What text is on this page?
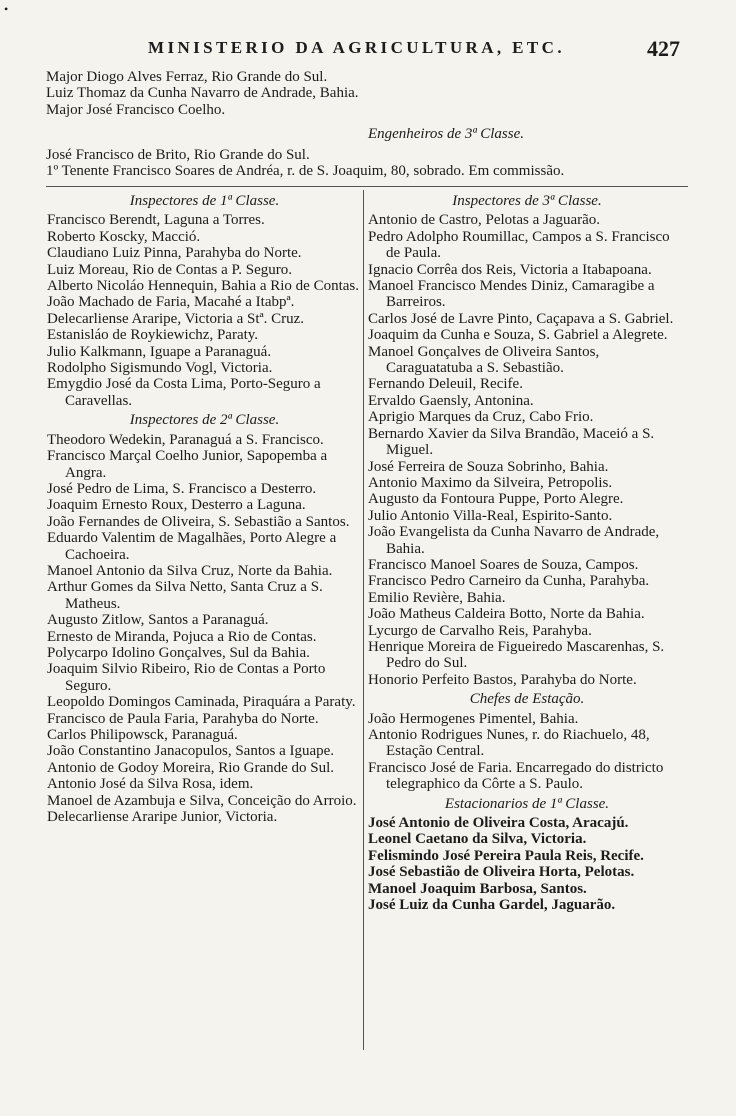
•
MINISTERIO DA AGRICULTURA, ETC.	427
Major Diogo Alves Ferraz, Rio Grande do Sul.
Luiz Thomaz da Cunha Navarro de Andrade, Bahia.
Major José Francisco Coelho.
Engenheiros de 3ª Classe.
José Francisco de Brito, Rio Grande do Sul.
1º Tenente Francisco Soares de Andréa, r. de S. Joaquim, 80, sobrado. Em commissão.
Inspectores de 1ª Classe.
Francisco Berendt, Laguna a Torres.
Roberto Koscky, Macció.
Claudiano Luiz Pinna, Parahyba do Norte.
Luiz Moreau, Rio de Contas a P. Seguro.
Alberto Nicoláo Hennequin, Bahia a Rio de Contas.
João Machado de Faria, Macahé a Itabpª.
Delecarliense Araripe, Victoria a Stª. Cruz.
Estanisláo de Roykiewichz, Paraty.
Julio Kalkmann, Iguape a Paranaguá.
Rodolpho Sigismundo Vogl, Victoria.
Emygdio José da Costa Lima, Porto-Seguro a Caravellas.
Inspectores de 2ª Classe.
Theodoro Wedekin, Paranaguá a S. Francisco.
Francisco Marçal Coelho Junior, Sapopemba a Angra.
José Pedro de Lima, S. Francisco a Desterro.
Joaquim Ernesto Roux, Desterro a Laguna.
João Fernandes de Oliveira, S. Sebastião a Santos.
Eduardo Valentim de Magalhães, Porto Alegre a Cachoeira.
Manoel Antonio da Silva Cruz, Norte da Bahia.
Arthur Gomes da Silva Netto, Santa Cruz a S. Matheus.
Augusto Zitlow, Santos a Paranaguá.
Ernesto de Miranda, Pojuca a Rio de Contas.
Polycarpo Idolino Gonçalves, Sul da Bahia.
Joaquim Silvio Ribeiro, Rio de Contas a Porto Seguro.
Leopoldo Domingos Caminada, Piraquára a Paraty.
Francisco de Paula Faria, Parahyba do Norte.
Carlos Philipowsck, Paranaguá.
João Constantino Janacopulos, Santos a Iguape.
Antonio de Godoy Moreira, Rio Grande do Sul.
Antonio José da Silva Rosa, idem.
Manoel de Azambuja e Silva, Conceição do Arroio.
Delecarliense Araripe Junior, Victoria.
Inspectores de 3ª Classe.
Antonio de Castro, Pelotas a Jaguarão.
Pedro Adolpho Roumillac, Campos a S. Francisco de Paula.
Ignacio Corrêa dos Reis, Victoria a Itabapoana.
Manoel Francisco Mendes Diniz, Camaragibe a Barreiros.
Carlos José de Lavre Pinto, Caçapava a S. Gabriel.
Joaquim da Cunha e Souza, S. Gabriel a Alegrete.
Manoel Gonçalves de Oliveira Santos, Caraguatatuba a S. Sebastião.
Fernando Deleuil, Recife.
Ervaldo Gaensly, Antonina.
Aprigio Marques da Cruz, Cabo Frio.
Bernardo Xavier da Silva Brandão, Maceió a S. Miguel.
José Ferreira de Souza Sobrinho, Bahia.
Antonio Maximo da Silveira, Petropolis.
Augusto da Fontoura Puppe, Porto Alegre.
Julio Antonio Villa-Real, Espirito-Santo.
João Evangelista da Cunha Navarro de Andrade, Bahia.
Francisco Manoel Soares de Souza, Campos.
Francisco Pedro Carneiro da Cunha, Parahyba.
Emilio Revière, Bahia.
João Matheus Caldeira Botto, Norte da Bahia.
Lycurgo de Carvalho Reis, Parahyba.
Henrique Moreira de Figueiredo Mascarenhas, S. Pedro do Sul.
Honorio Perfeito Bastos, Parahyba do Norte.
Chefes de Estação.
João Hermogenes Pimentel, Bahia.
Antonio Rodrigues Nunes, r. do Riachuelo, 48, Estação Central.
Francisco José de Faria. Encarregado do districto telegraphico da Côrte a S. Paulo.
Estacionarios de 1ª Classe.
José Antonio de Oliveira Costa, Aracajú.
Leonel Caetano da Silva, Victoria.
Felismindo José Pereira Paula Reis, Recife.
José Sebastião de Oliveira Horta, Pelotas.
Manoel Joaquim Barbosa, Santos.
José Luiz da Cunha Gardel, Jaguarão.
